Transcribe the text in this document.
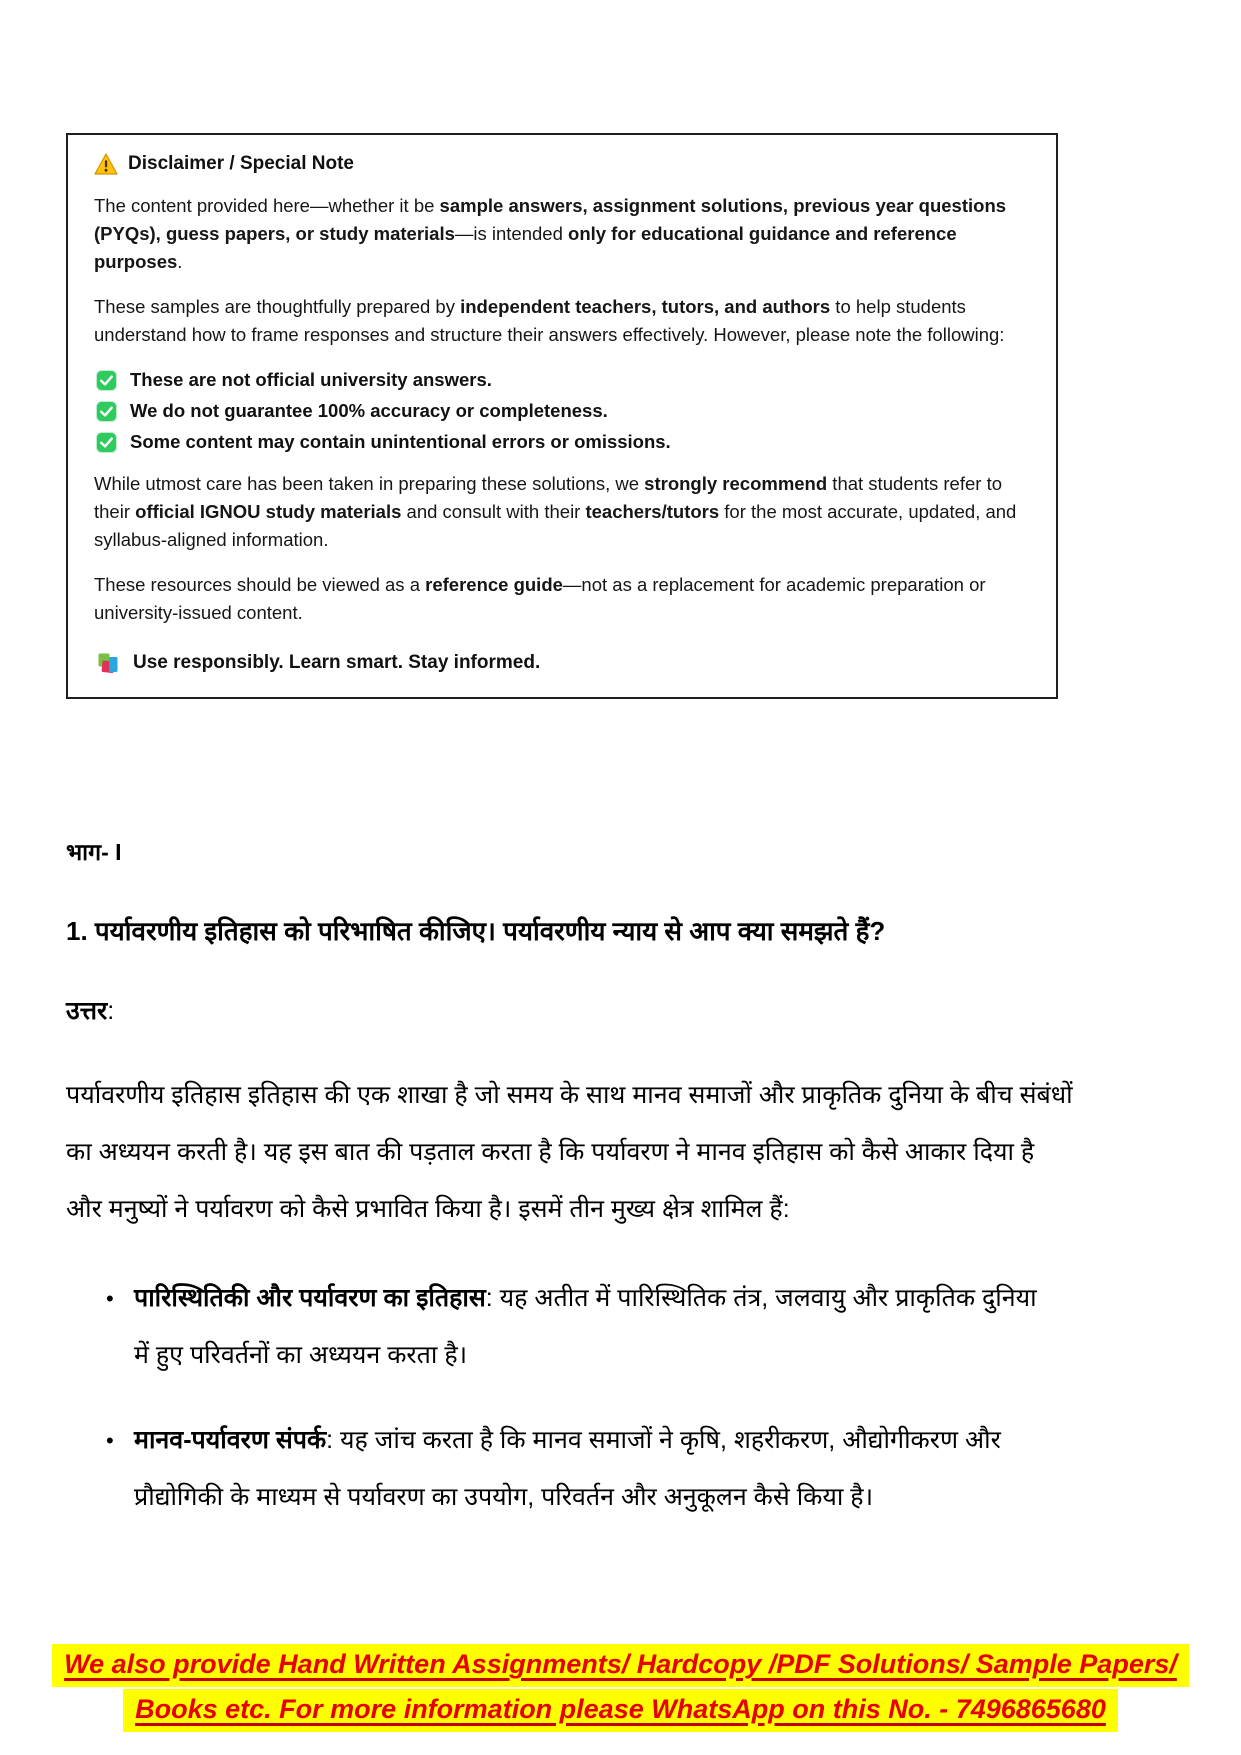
Disclaimer / Special Note

The content provided here—whether it be sample answers, assignment solutions, previous year questions (PYQs), guess papers, or study materials—is intended only for educational guidance and reference purposes.

These samples are thoughtfully prepared by independent teachers, tutors, and authors to help students understand how to frame responses and structure their answers effectively. However, please note the following:

These are not official university answers.
We do not guarantee 100% accuracy or completeness.
Some content may contain unintentional errors or omissions.

While utmost care has been taken in preparing these solutions, we strongly recommend that students refer to their official IGNOU study materials and consult with their teachers/tutors for the most accurate, updated, and syllabus-aligned information.

These resources should be viewed as a reference guide—not as a replacement for academic preparation or university-issued content.

Use responsibly. Learn smart. Stay informed.
भाग- I
1. पर्यावरणीय इतिहास को परिभाषित कीजिए। पर्यावरणीय न्याय से आप क्या समझते हैं?
उत्तर:
पर्यावरणीय इतिहास इतिहास की एक शाखा है जो समय के साथ मानव समाजों और प्राकृतिक दुनिया के बीच संबंधों का अध्ययन करती है। यह इस बात की पड़ताल करता है कि पर्यावरण ने मानव इतिहास को कैसे आकार दिया है और मनुष्यों ने पर्यावरण को कैसे प्रभावित किया है। इसमें तीन मुख्य क्षेत्र शामिल हैं:
• पारिस्थितिकी और पर्यावरण का इतिहास: यह अतीत में पारिस्थितिक तंत्र, जलवायु और प्राकृतिक दुनिया में हुए परिवर्तनों का अध्ययन करता है।
• मानव-पर्यावरण संपर्क: यह जांच करता है कि मानव समाजों ने कृषि, शहरीकरण, औद्योगीकरण और प्रौद्योगिकी के माध्यम से पर्यावरण का उपयोग, परिवर्तन और अनुकूलन कैसे किया है।
We also provide Hand Written Assignments/ Hardcopy /PDF Solutions/ Sample Papers/
Books etc. For more information please WhatsApp on this No. - 7496865680
